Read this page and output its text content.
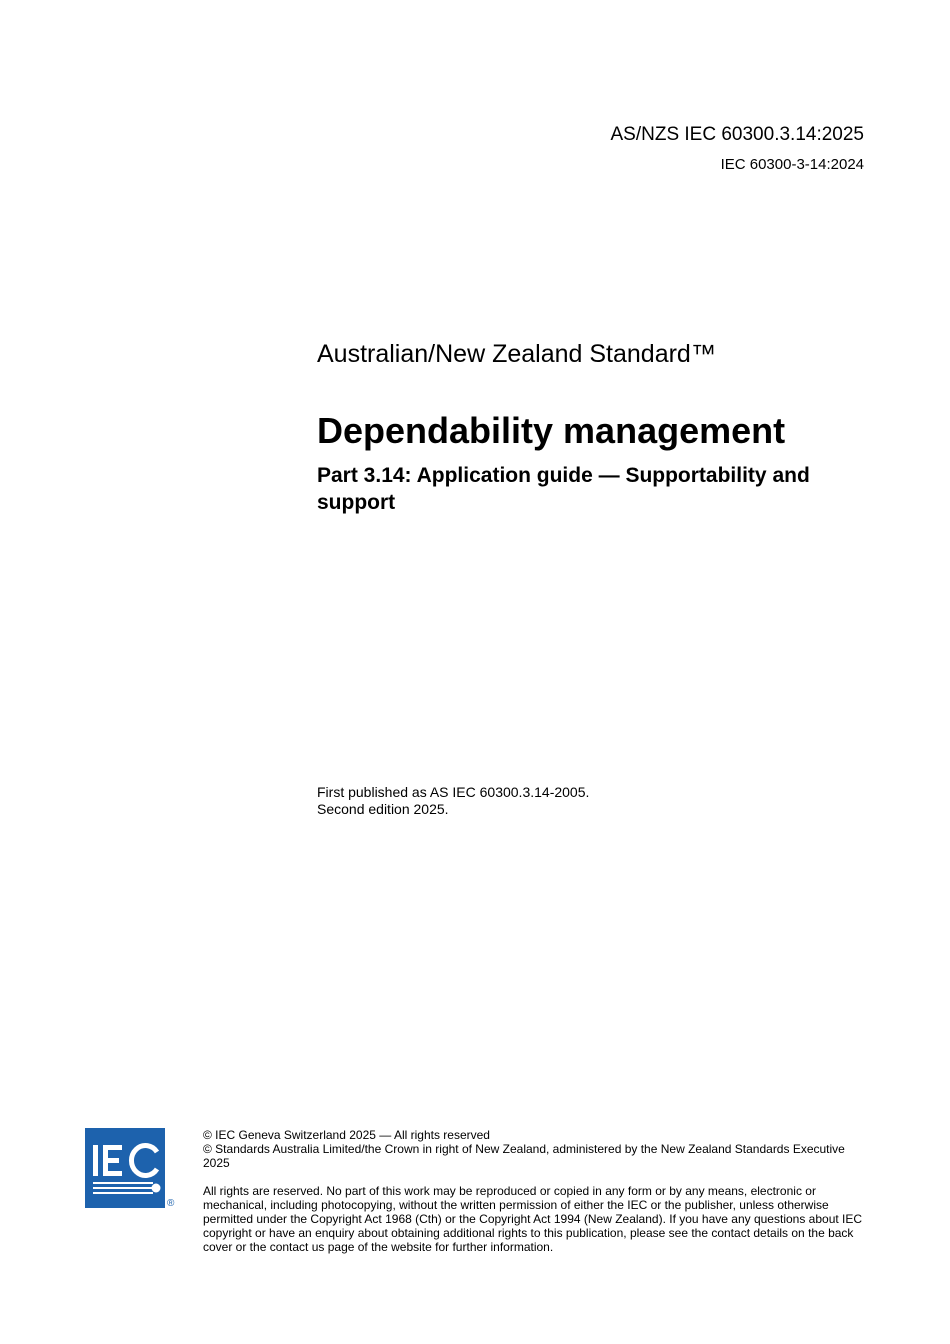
AS/NZS IEC 60300.3.14:2025
IEC 60300-3-14:2024
Australian/New Zealand Standard™
Dependability management
Part 3.14: Application guide — Supportability and support
First published as AS IEC 60300.3.14-2005.
Second edition 2025.
®

© IEC Geneva Switzerland 2025 — All rights reserved

© Standards Australia Limited/the Crown in right of New Zealand, administered by the New Zealand Standards Executive 2025

All rights are reserved. No part of this work may be reproduced or copied in any form or by any means, electronic or mechanical, including photocopying, without the written permission of either the IEC or the publisher, unless otherwise permitted under the Copyright Act 1968 (Cth) or the Copyright Act 1994 (New Zealand). If you have any questions about IEC copyright or have an enquiry about obtaining additional rights to this publication, please see the contact details on the back cover or the contact us page of the website for further information.
